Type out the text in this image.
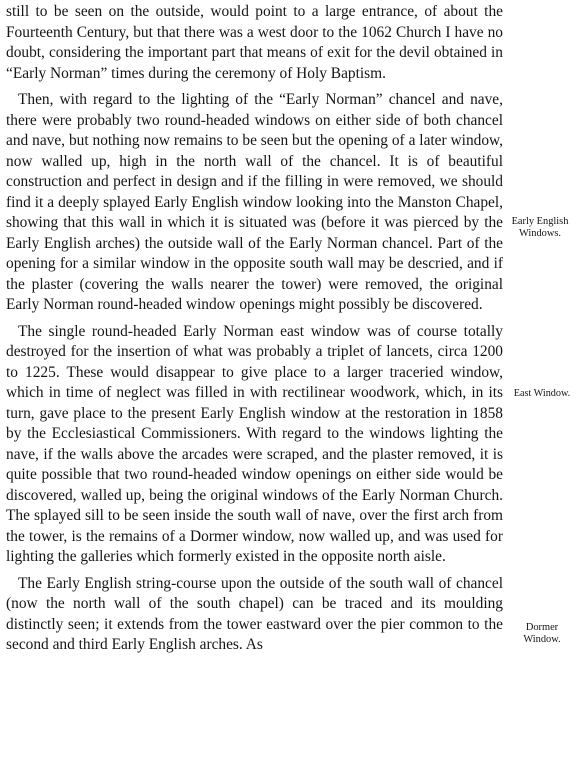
still to be seen on the outside, would point to a large entrance, of about the Fourteenth Century, but that there was a west door to the 1062 Church I have no doubt, considering the important part that means of exit for the devil obtained in “Early Norman” times during the ceremony of Holy Baptism.

Then, with regard to the lighting of the “Early Norman” chancel and nave, there were probably two round-headed windows on either side of both chancel and nave, but nothing now remains to be seen but the opening of a later window, now walled up, high in the north wall of the chancel. It is of beautiful construction and perfect in design and if the filling in were removed, we should find it a deeply splayed Early English window looking into the Manston Chapel, showing that this wall in which it is situated was (before it was pierced by the Early English arches) the outside wall of the Early Norman chancel. Part of the opening for a similar window in the opposite south wall may be descried, and if the plaster (covering the walls nearer the tower) were removed, the original Early Norman round-headed window openings might possibly be discovered.

The single round-headed Early Norman east window was of course totally destroyed for the insertion of what was probably a triplet of lancets, circa 1200 to 1225. These would disappear to give place to a larger traceried window, which in time of neglect was filled in with rectilinear woodwork, which, in its turn, gave place to the present Early English window at the restoration in 1858 by the Ecclesiastical Commissioners. With regard to the windows lighting the nave, if the walls above the arcades were scraped, and the plaster removed, it is quite possible that two round-headed window openings on either side would be discovered, walled up, being the original windows of the Early Norman Church. The splayed sill to be seen inside the south wall of nave, over the first arch from the tower, is the remains of a Dormer window, now walled up, and was used for lighting the galleries which formerly existed in the opposite north aisle.

The Early English string-course upon the outside of the south wall of chancel (now the north wall of the south chapel) can be traced and its moulding distinctly seen; it extends from the tower eastward over the pier common to the second and third Early English arches. As

Early English Windows.
East Window.
Dormer Window.
